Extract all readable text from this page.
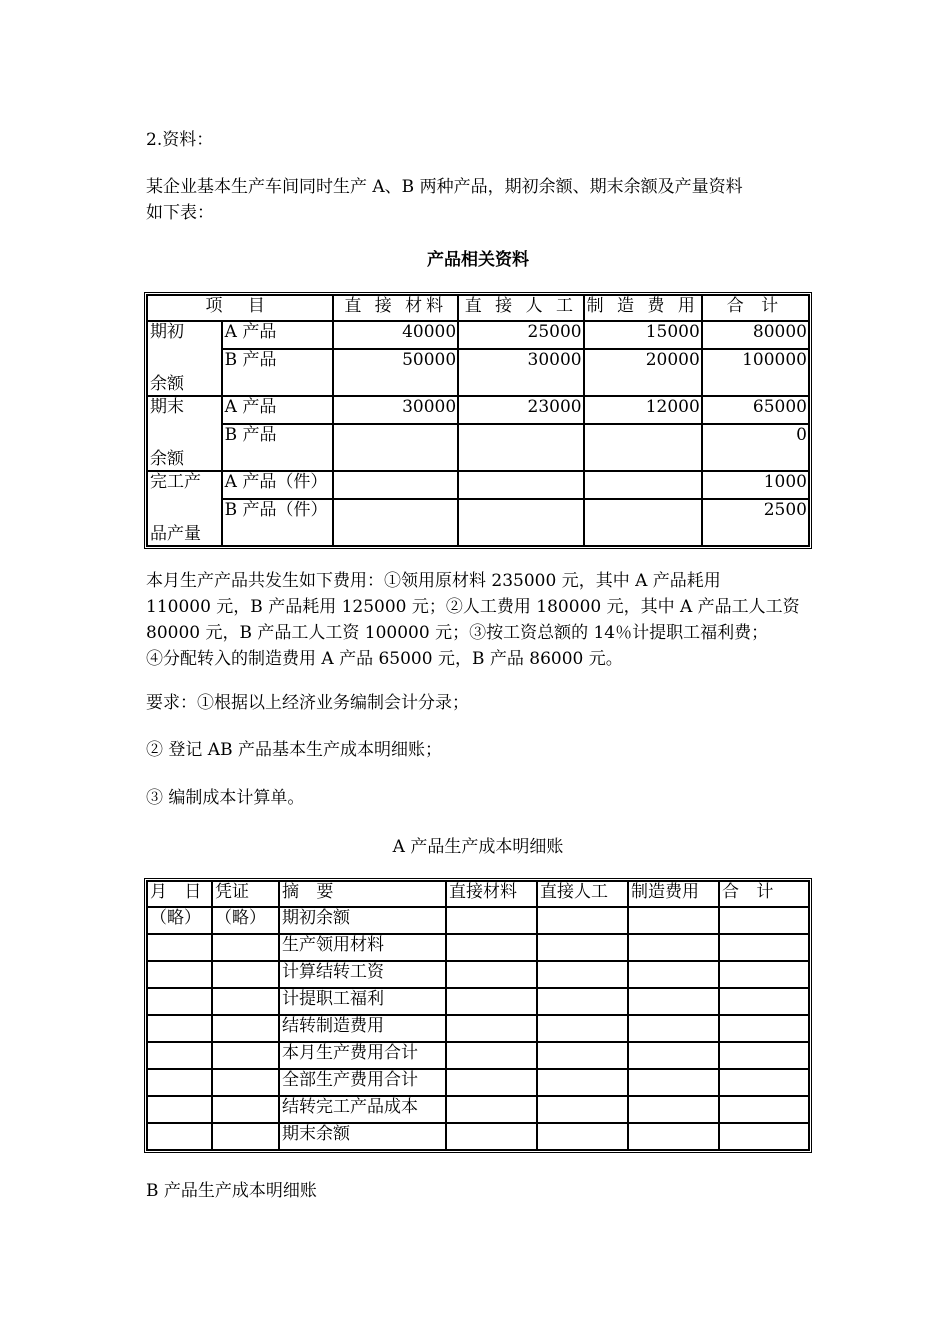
2.资料：
某企业基本生产车间同时生产 A、B 两种产品，期初余额、期末余额及产量资料
如下表：
产品相关资料
项 目		直 接 材料	直 接 人 工	制 造 费 用	合 计

期初
余额	A 产品	40000	25000	15000	80000
	B 产品	50000	30000	20000	100000

期末
余额	A 产品	30000	23000	12000	65000
	B 产品				0

完工产
品产量	A 产品（件）				1000
	B 产品（件）				2500
本月生产产品共发生如下费用：①领用原材料 235000 元，其中 A 产品耗用
110000 元，B 产品耗用 125000 元；②人工费用 180000 元，其中 A 产品工人工资
80000 元，B 产品工人工资 100000 元；③按工资总额的 14％计提职工福利费；
④分配转入的制造费用 A 产品 65000 元，B 产品 86000 元。
要求：①根据以上经济业务编制会计分录；
② 登记 AB 产品基本生产成本明细账；
③ 编制成本计算单。
A 产品生产成本明细账
月 日	凭证	摘 要	直接材料	直接人工	制造费用	合 计
（略）	（略）	期初余额				
		生产领用材料				
		计算结转工资				
		计提职工福利				
		结转制造费用				
		本月生产费用合计				
		全部生产费用合计				
		结转完工产品成本				
		期末余额				
B 产品生产成本明细账
